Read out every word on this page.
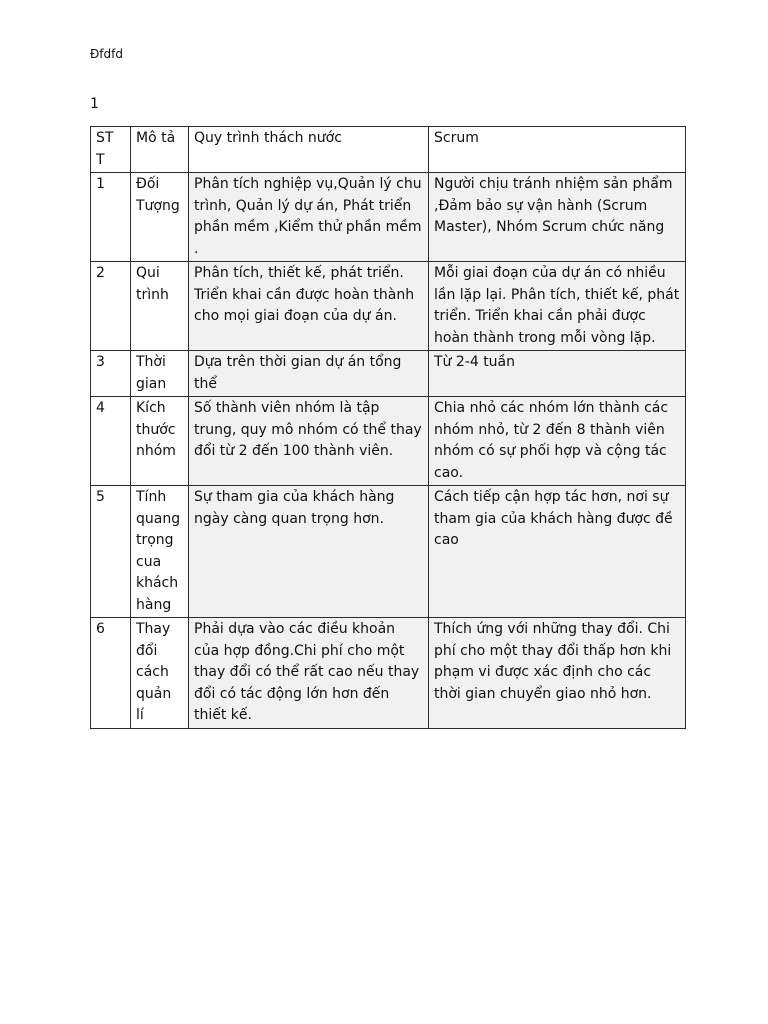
Ðfdfd
1
ST T	Mô tả	Quy trình thách nước	Scrum
1	Đối Tượng	Phân tích nghiệp vụ,Quản lý chu trình, Quản lý dự án, Phát triển phần mềm ,Kiểm thử phần mềm .	Người chịu tránh nhiệm sản phẩm ,Đảm bảo sự vận hành (Scrum Master), Nhóm Scrum chức năng
2	Qui trình	Phân tích, thiết kế, phát triển. Triển khai cần được hoàn thành cho mọi giai đoạn của dự án.	Mỗi giai đoạn của dự án có nhiều lần lặp lại. Phân tích, thiết kế, phát triển. Triển khai cần phải được hoàn thành trong mỗi vòng lặp.
3	Thời gian	Dựa trên thời gian dự án tổng thể	Từ 2-4 tuần
4	Kích thước nhóm	Số thành viên nhóm là tập trung, quy mô nhóm có thể thay đổi từ 2 đến 100 thành viên.	Chia nhỏ các nhóm lớn thành các nhóm nhỏ, từ 2 đến 8 thành viên nhóm có sự phối hợp và cộng tác cao.
5	Tính quang trọng cua khách hàng	Sự tham gia của khách hàng ngày càng quan trọng hơn.	Cách tiếp cận hợp tác hơn, nơi sự tham gia của khách hàng được đề cao
6	Thay đổi cách quản lí	Phải dựa vào các điều khoản của hợp đồng.Chi phí cho một thay đổi có thể rất cao nếu thay đổi có tác động lớn hơn đến thiết kế.	Thích ứng với những thay đổi. Chi phí cho một thay đổi thấp hơn khi phạm vi được xác định cho các thời gian chuyển giao nhỏ hơn.
